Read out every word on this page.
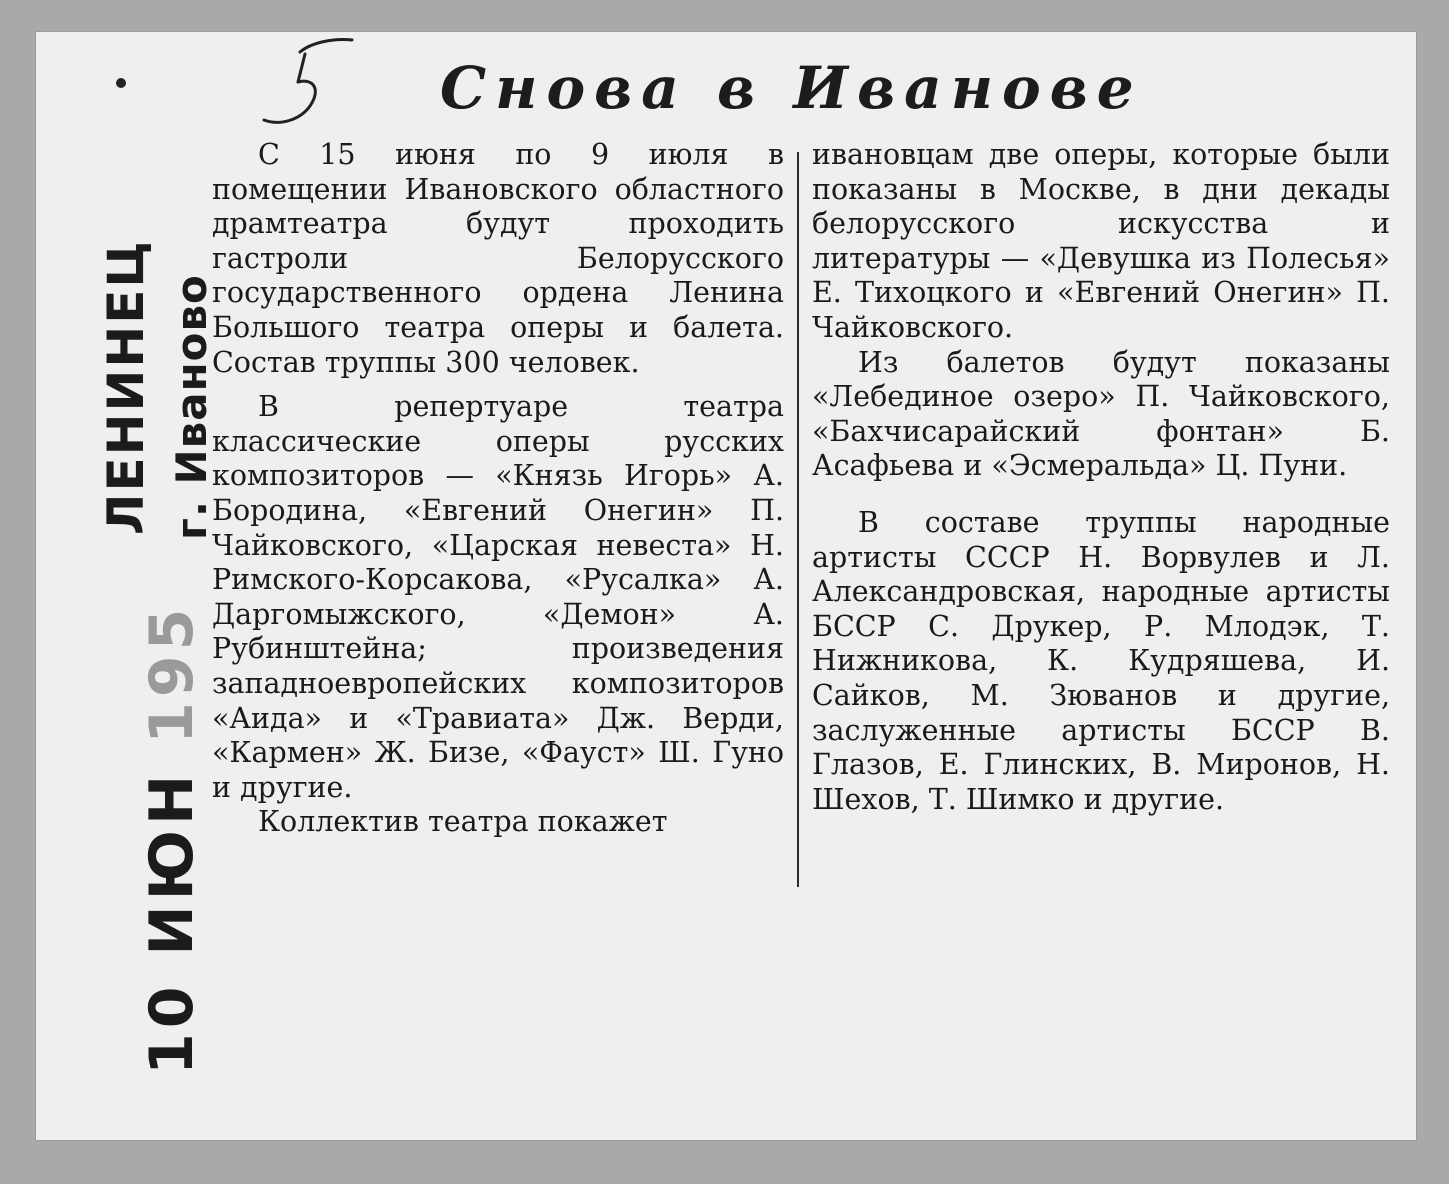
Снова в Иванове

С 15 июня по 9 июля в помещении Ивановского областного драмтеатра будут проходить гастроли Белорусского государственного ордена Ленина Большого театра оперы и балета. Состав труппы 300 человек.

В репертуаре театра классические оперы русских композиторов — «Князь Игорь» А. Бородина, «Евгений Онегин» П. Чайковского, «Царская невеста» Н. Римского-Корсакова, «Русалка» А. Даргомыжского, «Демон» А. Рубинштейна; произведения западноевропейских композиторов «Аида» и «Травиата» Дж. Верди, «Кармен» Ж. Бизе, «Фауст» Ш. Гуно и другие.

Коллектив театра покажет

ивановцам две оперы, которые были показаны в Москве, в дни декады белорусского искусства и литературы — «Девушка из Полесья» Е. Тихоцкого и «Евгений Онегин» П. Чайковского.

Из балетов будут показаны «Лебединое озеро» П. Чайковского, «Бахчисарайский фонтан» Б. Асафьева и «Эсмеральда» Ц. Пуни.

В составе труппы народные артисты СССР Н. Ворвулев и Л. Александровская, народные артисты БССР С. Друкер, Р. Млодэк, Т. Нижникова, К. Кудряшева, И. Сайков, М. Зюванов и другие, заслуженные артисты БССР В. Глазов, Е. Глинских, В. Миронов, Н. Шехов, Т. Шимко и другие.

ЛЕНИНЕЦ г. Иваново
10 ИЮН 195
